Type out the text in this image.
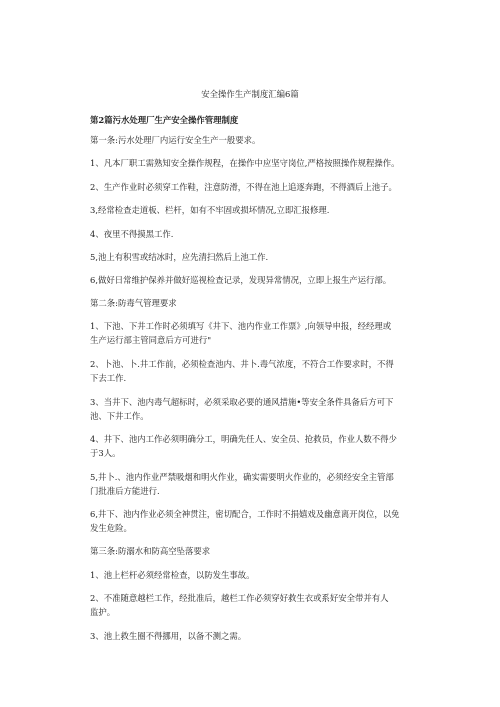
安全操作生产制度汇编6篇
第2篇污水处理厂生产安全操作管理制度
第一条:污水处理厂内运行安全生产一般要求。
1、凡本厂职工需熟知安全操作规程，在操作中应坚守岗位,严格按照操作规程操作。
2、生产作业时必须穿工作鞋，注意防滑，不得在池上追逐奔跑，不得酒后上池子。
3,经常检查走道板、栏杆，如有不牢固或损坏情况,立即汇报修理.
4、夜里不得摸黑工作.
5,池上有积雪或结冰时，应先清扫然后上池工作.
6,做好日常维护保养并做好巡视检查记录，发现异常情况，立即上报生产运行部。
第二条:防毒气管理要求
1、下池、下井工作时必须填写《井下、池内作业工作票》,向领导申报，经经理或
生产运行部主管同意后方可进行"
2、卜池、卜.井工作前，必须检查池内、井卜.毒气浓度，不符合工作要求时，不得
下去工作.
3、当井下、池内毒气超标时，必须采取必要的通风措施•等安全条件具备后方可下
池、下井工作。
4、井下、池内工作必须明确分工，明确先任人、安全员、抢救员，作业人数不得少
于3人。
5,井卜.、池内作业严禁吸烟和明火作业，确实需要明火作业的，必须经安全主管部
门批准后方能进行.
6,井下、池内作业必须全神贯注，密切配合，工作时不捐嬉戏及幽意离开岗位，以免
发生危险。
第三条:防溺水和防高空坠落要求
1、池上栏杆必须经常检查，以防发生事故。
2、不准随意越栏工作，经批准后，越栏工作必须穿好救生衣或系好安全带并有人
监护。
3、池上救生圈不得挪用，以备不测之需。
